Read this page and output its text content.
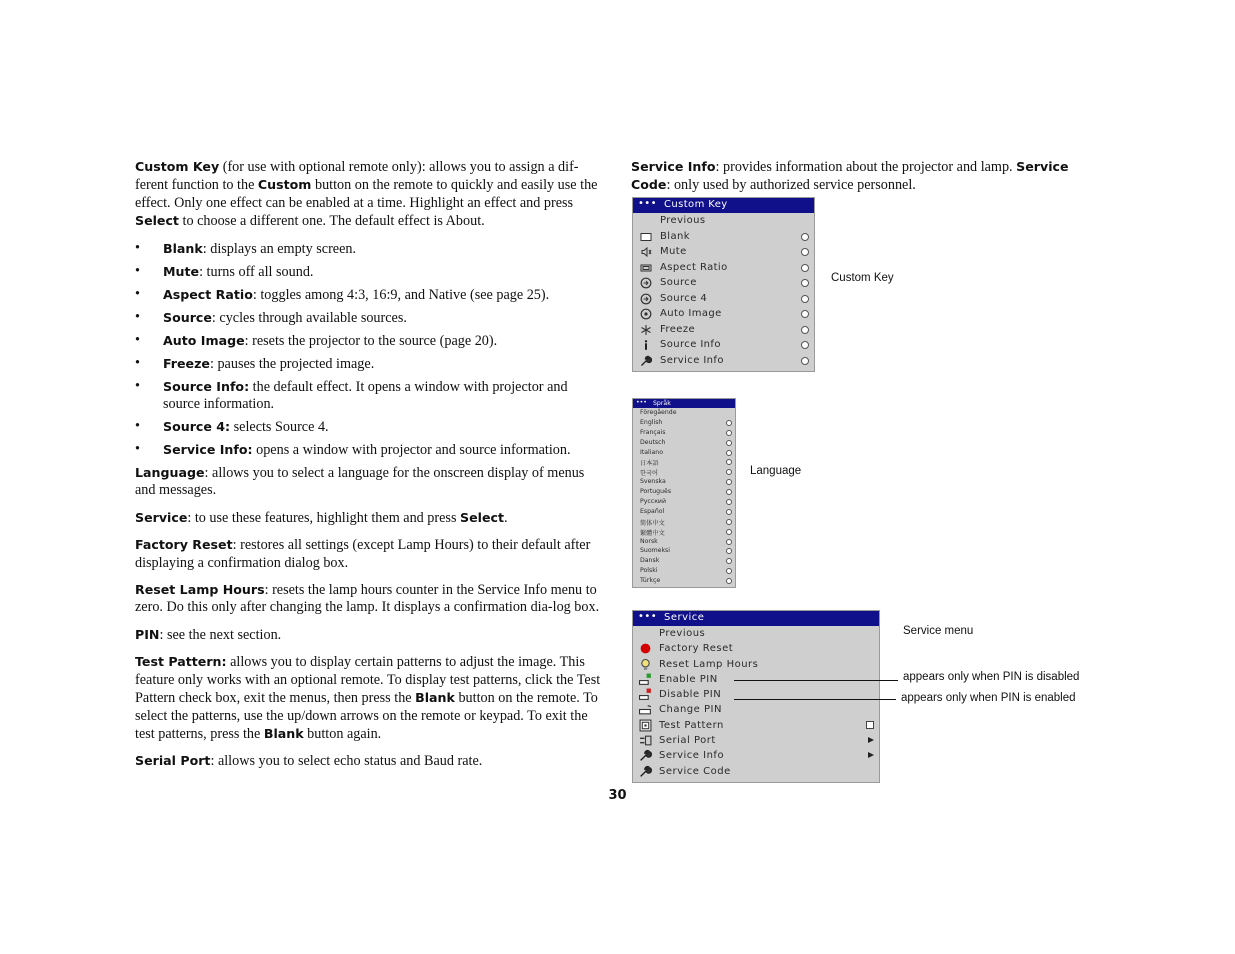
Custom Key (for use with optional remote only): allows you to assign a dif-ferent function to the Custom button on the remote to quickly and easily use the effect. Only one effect can be enabled at a time. Highlight an effect and press Select to choose a different one. The default effect is About.

• Blank: displays an empty screen.
• Mute: turns off all sound.
• Aspect Ratio: toggles among 4:3, 16:9, and Native (see page 25).
• Source: cycles through available sources.
• Auto Image: resets the projector to the source (page 20).
• Freeze: pauses the projected image.
• Source Info: the default effect. It opens a window with projector and source information.
• Source 4: selects Source 4.
• Service Info: opens a window with projector and source information.

Language: allows you to select a language for the onscreen display of menus and messages.

Service: to use these features, highlight them and press Select.

Factory Reset: restores all settings (except Lamp Hours) to their default after displaying a confirmation dialog box.

Reset Lamp Hours: resets the lamp hours counter in the Service Info menu to zero. Do this only after changing the lamp. It displays a confirmation dia-log box.

PIN: see the next section.

Test Pattern: allows you to display certain patterns to adjust the image. This feature only works with an optional remote. To display test patterns, click the Test Pattern check box, exit the menus, then press the Blank button on the remote. To select the patterns, use the up/down arrows on the remote or keypad. To exit the test patterns, press the Blank button again.

Serial Port: allows you to select echo status and Baud rate.

Service Info: provides information about the projector and lamp. Service Code: only used by authorized service personnel.
••• Custom Key
Previous
Blank
Mute
Aspect Ratio
Source
Source 4
Auto Image
Freeze
Source Info
Service Info
Custom Key
••• Språk
Föregående
English
Français
Deutsch
Italiano
日本語
한국어
Svenska
Português
Pyccкий
Español
简体中文
繁體中文
Norsk
Suomeksi
Dansk
Polski
Türkçe
Language
••• Service
Previous
Factory Reset
Reset Lamp Hours
Enable PIN
Disable PIN
Change PIN
Test Pattern
Serial Port
Service Info
Service Code
Service menu
appears only when PIN is disabled
appears only when PIN is enabled
30
